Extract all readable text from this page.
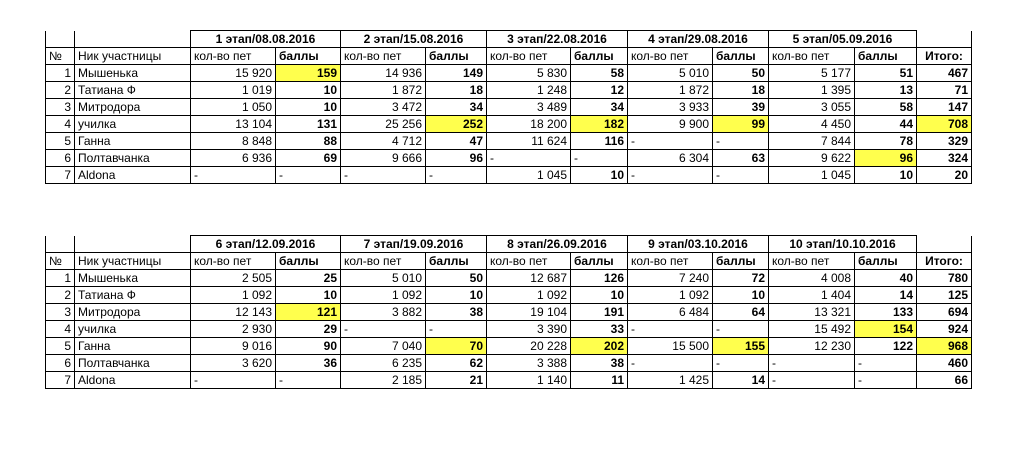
		1 этап/08.08.2016		2 этап/15.08.2016		3 этап/22.08.2016		4 этап/29.08.2016		5 этап/05.09.2016		
№	Ник участницы	кол-во пет	баллы	кол-во пет	баллы	кол-во пет	баллы	кол-во пет	баллы	кол-во пет	баллы	Итого:
1	Мышенька	15 920	159	14 936	149	5 830	58	5 010	50	5 177	51	467
2	Татиана Ф	1 019	10	1 872	18	1 248	12	1 872	18	1 395	13	71
3	Митродора	1 050	10	3 472	34	3 489	34	3 933	39	3 055	58	147
4	училка	13 104	131	25 256	252	18 200	182	9 900	99	4 450	44	708
5	Ганна	8 848	88	4 712	47	11 624	116	-	-	7 844	78	329
6	Полтавчанка	6 936	69	9 666	96	-	-	6 304	63	9 622	96	324
7	Aldona	-	-	-	-	1 045	10	-	-	1 045	10	20
		6 этап/12.09.2016		7 этап/19.09.2016		8 этап/26.09.2016		9 этап/03.10.2016		10 этап/10.10.2016		
№	Ник участницы	кол-во пет	баллы	кол-во пет	баллы	кол-во пет	баллы	кол-во пет	баллы	кол-во пет	баллы	Итого:
1	Мышенька	2 505	25	5 010	50	12 687	126	7 240	72	4 008	40	780
2	Татиана Ф	1 092	10	1 092	10	1 092	10	1 092	10	1 404	14	125
3	Митродора	12 143	121	3 882	38	19 104	191	6 484	64	13 321	133	694
4	училка	2 930	29	-	-	3 390	33	-	-	15 492	154	924
5	Ганна	9 016	90	7 040	70	20 228	202	15 500	155	12 230	122	968
6	Полтавчанка	3 620	36	6 235	62	3 388	38	-	-	-	-	460
7	Aldona	-	-	2 185	21	1 140	11	1 425	14	-	-	66
